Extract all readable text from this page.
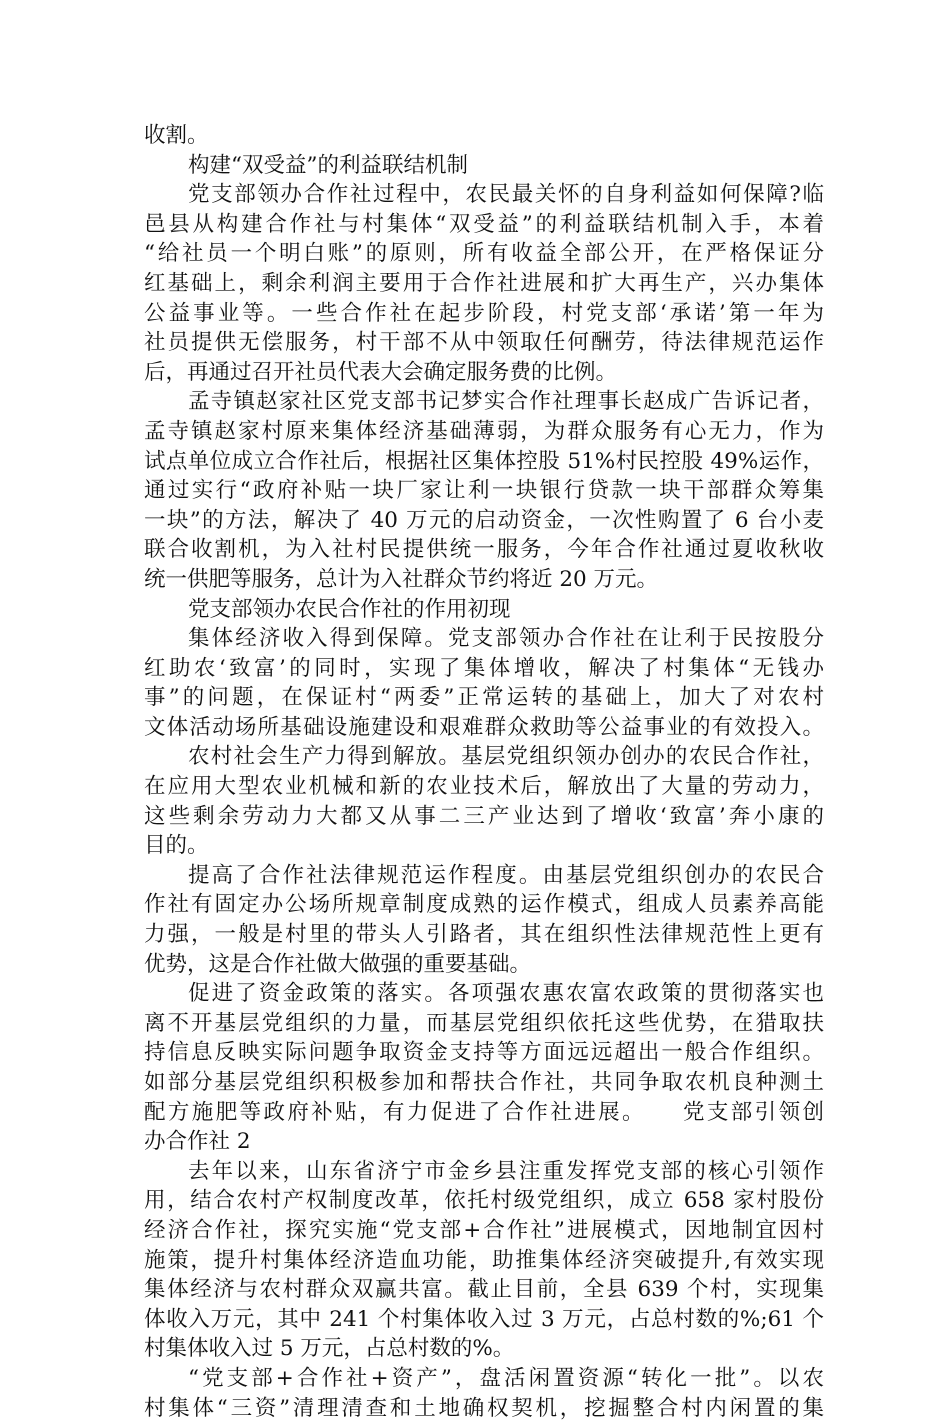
收割。
构建“双受益”的利益联结机制
党支部领办合作社过程中，农民最关怀的自身利益如何保障?临
邑县从构建合作社与村集体“双受益”的利益联结机制入手，本着
“给社员一个明白账”的原则，所有收益全部公开，在严格保证分
红基础上，剩余利润主要用于合作社进展和扩大再生产，兴办集体
公益事业等。一些合作社在起步阶段，村党支部‘承诺’第一年为
社员提供无偿服务，村干部不从中领取任何酬劳，待法律规范运作
后，再通过召开社员代表大会确定服务费的比例。
孟寺镇赵家社区党支部书记梦实合作社理事长赵成广告诉记者，
孟寺镇赵家村原来集体经济基础薄弱，为群众服务有心无力，作为
试点单位成立合作社后，根据社区集体控股 51%村民控股 49%运作，
通过实行“政府补贴一块厂家让利一块银行贷款一块干部群众筹集
一块”的方法，解决了 40 万元的启动资金，一次性购置了 6 台小麦
联合收割机，为入社村民提供统一服务，今年合作社通过夏收秋收
统一供肥等服务，总计为入社群众节约将近 20 万元。
党支部领办农民合作社的作用初现
集体经济收入得到保障。党支部领办合作社在让利于民按股分
红助农‘致富’的同时，实现了集体增收，解决了村集体“无钱办
事”的问题，在保证村“两委”正常运转的基础上，加大了对农村
文体活动场所基础设施建设和艰难群众救助等公益事业的有效投入。
农村社会生产力得到解放。基层党组织领办创办的农民合作社，
在应用大型农业机械和新的农业技术后，解放出了大量的劳动力，
这些剩余劳动力大都又从事二三产业达到了增收‘致富’奔小康的
目的。
提高了合作社法律规范运作程度。由基层党组织创办的农民合
作社有固定办公场所规章制度成熟的运作模式，组成人员素养高能
力强，一般是村里的带头人引路者，其在组织性法律规范性上更有
优势，这是合作社做大做强的重要基础。
促进了资金政策的落实。各项强农惠农富农政策的贯彻落实也
离不开基层党组织的力量，而基层党组织依托这些优势，在猎取扶
持信息反映实际问题争取资金支持等方面远远超出一般合作组织。
如部分基层党组织积极参加和帮扶合作社，共同争取农机良种测土
配方施肥等政府补贴，有力促进了合作社进展。　　党支部引领创
办合作社 2
去年以来，山东省济宁市金乡县注重发挥党支部的核心引领作
用，结合农村产权制度改革，依托村级党组织，成立 658 家村股份
经济合作社，探究实施“党支部+合作社”进展模式，因地制宜因村
施策，提升村集体经济造血功能，助推集体经济突破提升,有效实现
集体经济与农村群众双赢共富。截止目前，全县 639 个村，实现集
体收入万元，其中 241 个村集体收入过 3 万元，占总村数的%;61 个
村集体收入过 5 万元，占总村数的%。
“党支部+合作社+资产”，盘活闲置资源“转化一批”。以农
村集体“三资”清理清查和土地确权契机，挖掘整合村内闲置的集
